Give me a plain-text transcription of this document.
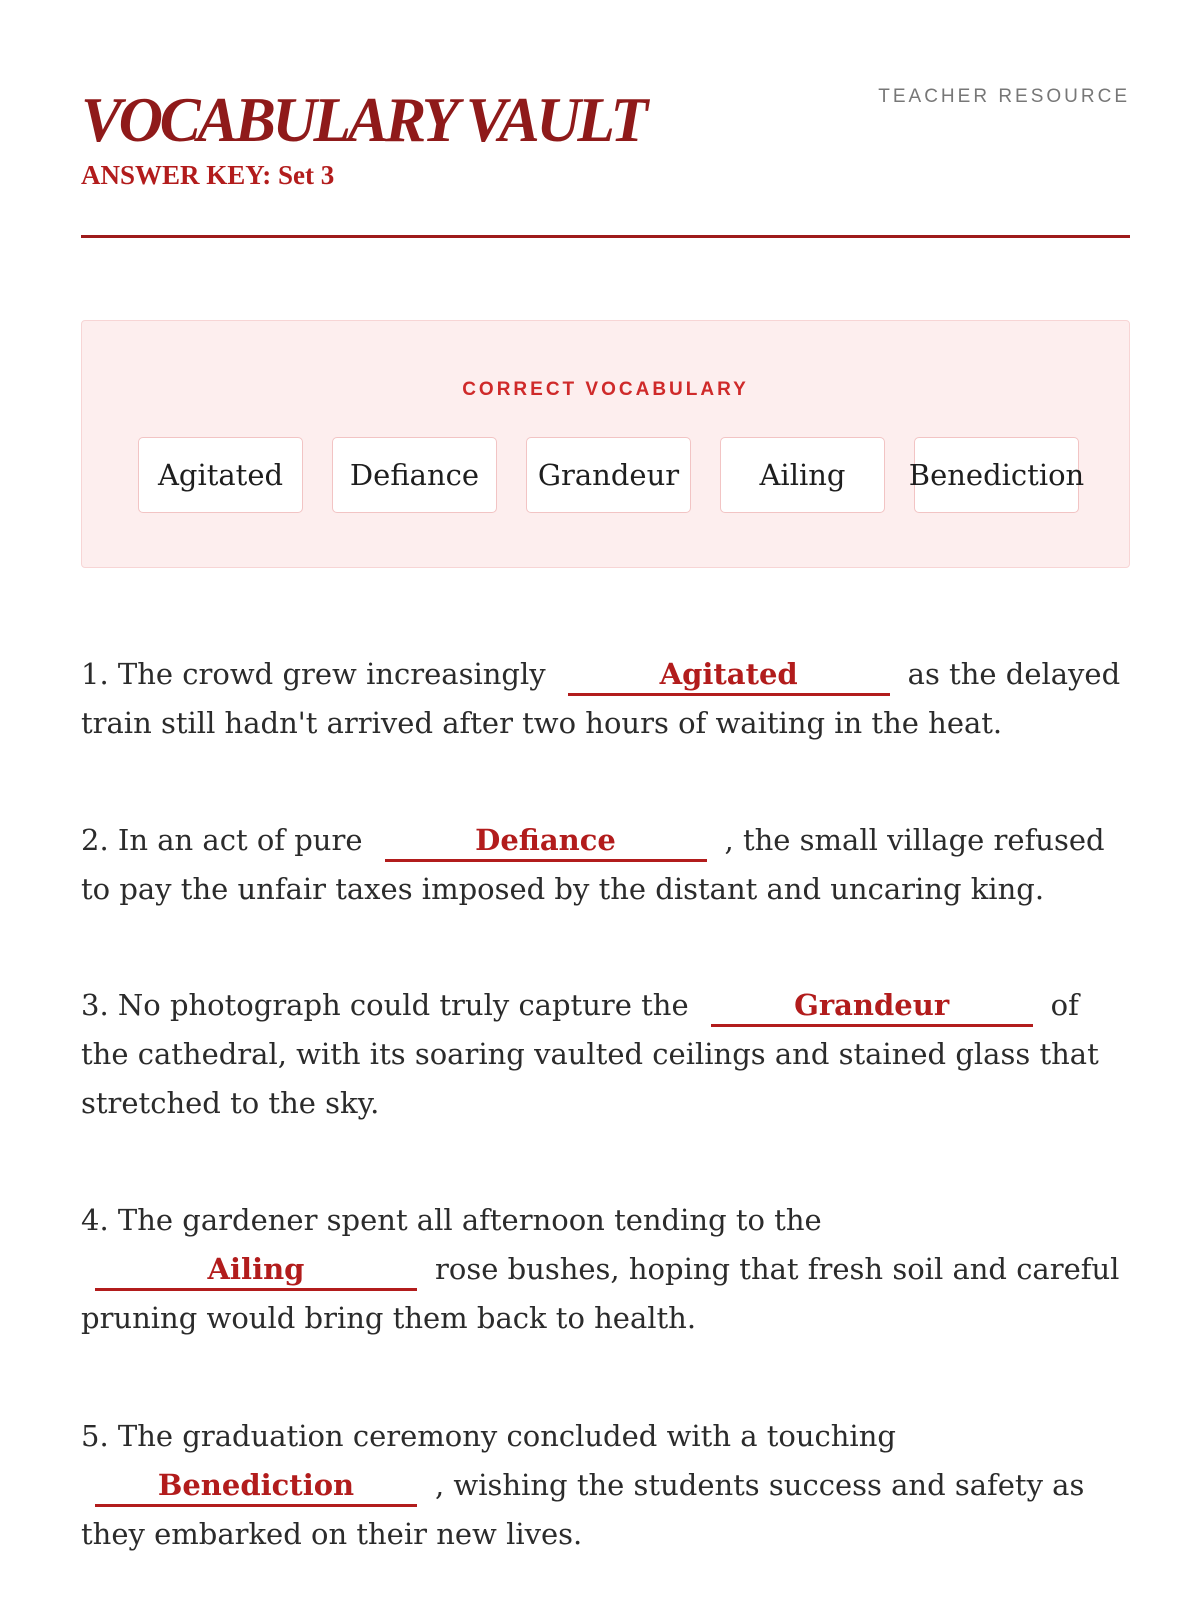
VOCABULARY VAULT
ANSWER KEY: Set 3
TEACHER RESOURCE
CORRECT VOCABULARY
Agitated	Defiance	Grandeur	Ailing	Benediction
1. The crowd grew increasingly	Agitated	as the delayed train still hadn't arrived after two hours of waiting in the heat.
2. In an act of pure	Defiance	, the small village refused to pay the unfair taxes imposed by the distant and uncaring king.
3. No photograph could truly capture the	Grandeur	of the cathedral, with its soaring vaulted ceilings and stained glass that stretched to the sky.
4. The gardener spent all afternoon tending to the
Ailing	rose bushes, hoping that fresh soil and careful pruning would bring them back to health.
5. The graduation ceremony concluded with a touching
Benediction	, wishing the students success and safety as they embarked on their new lives.
